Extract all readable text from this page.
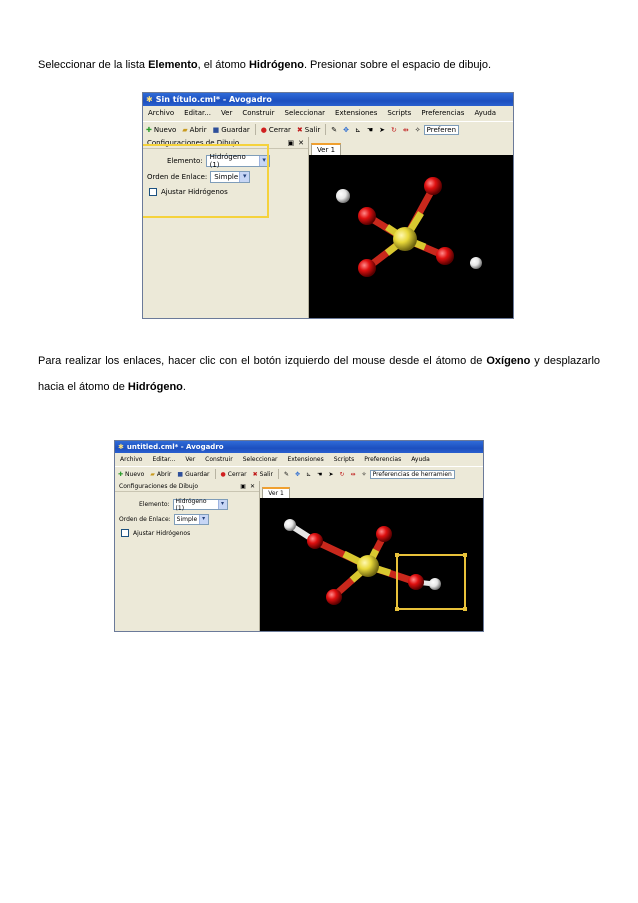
Seleccionar de la lista Elemento, el átomo Hidrógeno. Presionar sobre el espacio de dibujo.

✱ Sin título.cml* - Avogadro
Archivo	Editar...	Ver	Construir	Seleccionar	Extensiones	Scripts	Preferencias	Ayuda
✚ Nuevo ▰ Abrir ■ Guardar ● Cerrar ✖ Salir ✎ ✥ ⊾ ☚ ➤ ↻ ⇹ ✧ Preferen
Configuraciones de Dibujo	▣ ✕
Elemento:	Hidrógeno (1)
▾
Orden de Enlace:	Simple ▾
Ajustar Hidrógenos
Ver 1

Para realizar los enlaces, hacer clic con el botón izquierdo del mouse desde el átomo de Oxígeno y desplazarlo hacia el átomo de Hidrógeno.

✱ untitled.cml* - Avogadro
Archivo	Editar...	Ver	Construir	Seleccionar	Extensiones	Scripts	Preferencias	Ayuda
✚ Nuevo ▰ Abrir ■ Guardar ● Cerrar ✖ Salir ✎ ✥ ⊾ ☚ ➤ ↻ ⇹ ✧	Preferencias de herramien
Configuraciones de Dibujo	▣ ✕
Elemento:	Hidrógeno (1)
▾
Orden de Enlace:	Simple ▾
Ajustar Hidrógenos
Ver 1
